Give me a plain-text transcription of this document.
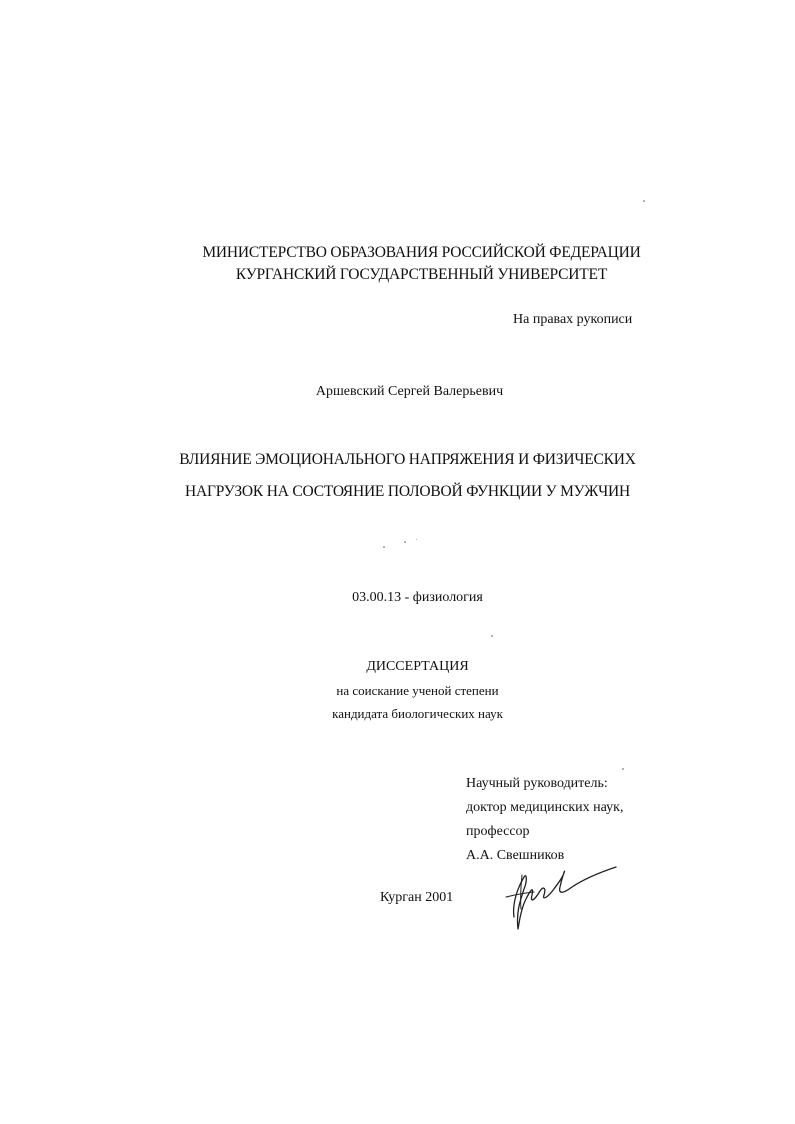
МИНИСТЕРСТВО ОБРАЗОВАНИЯ РОССИЙСКОЙ ФЕДЕРАЦИИ
КУРГАНСКИЙ ГОСУДАРСТВЕННЫЙ УНИВЕРСИТЕТ
На правах рукописи
Аршевский Сергей Валерьевич
ВЛИЯНИЕ ЭМОЦИОНАЛЬНОГО НАПРЯЖЕНИЯ И ФИЗИЧЕСКИХ
НАГРУЗОК НА СОСТОЯНИЕ ПОЛОВОЙ ФУНКЦИИ У МУЖЧИН
03.00.13 - физиология
ДИССЕРТАЦИЯ
на соискание ученой степени
кандидата биологических наук
Научный руководитель:
доктор медицинских наук,
профессор
А.А. Свешников
Курган 2001
